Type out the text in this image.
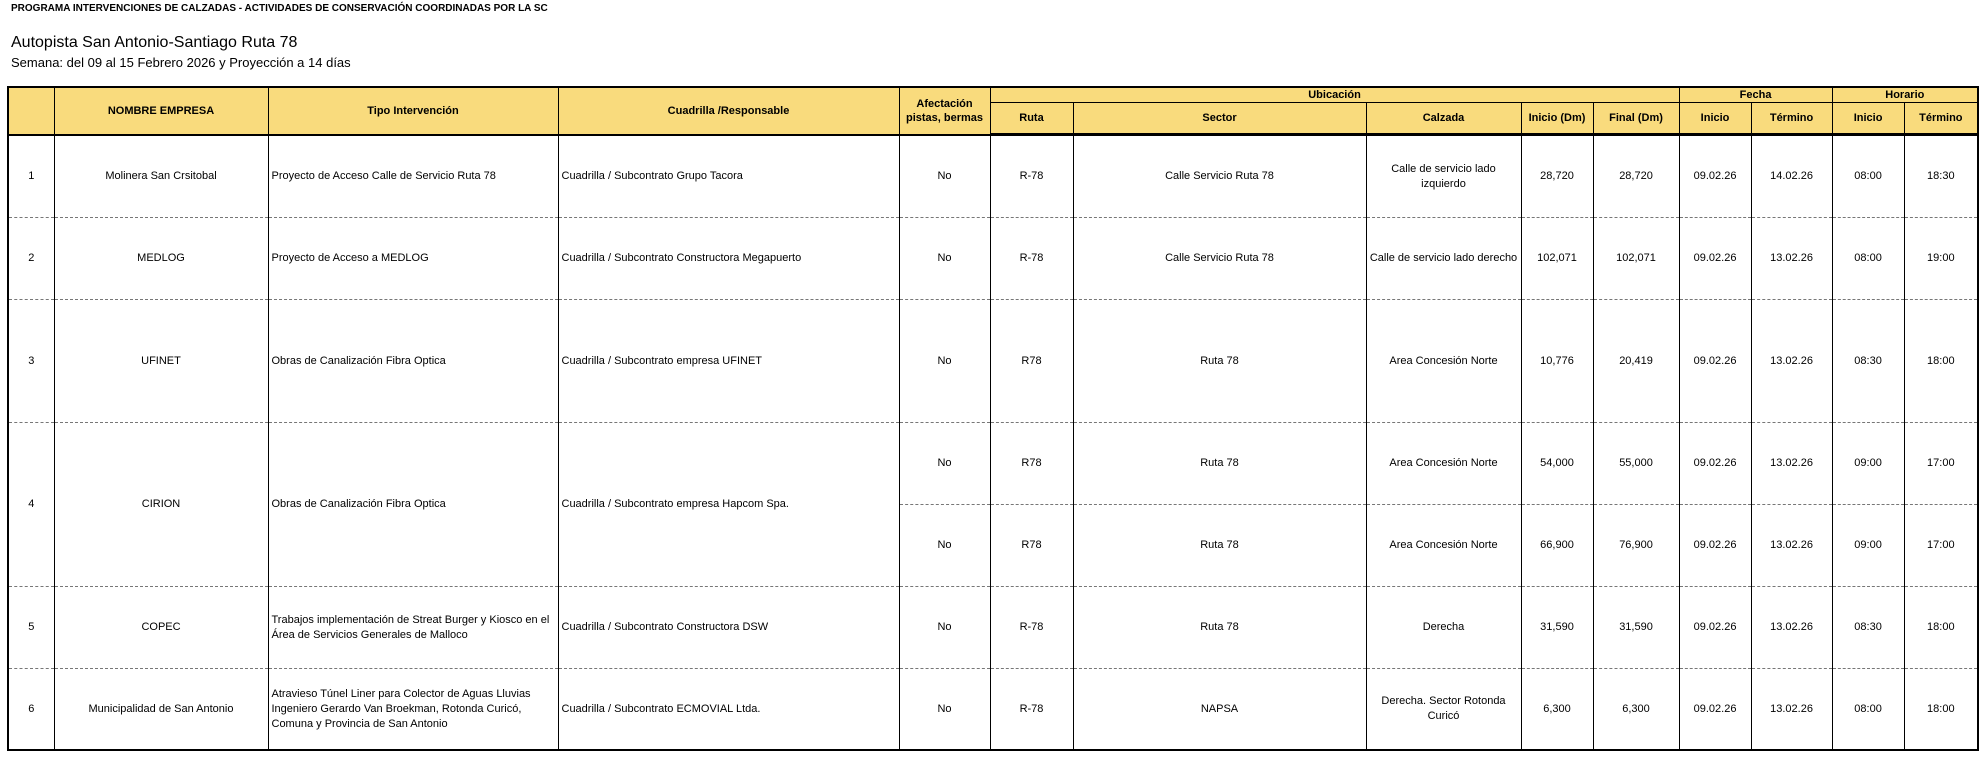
PROGRAMA INTERVENCIONES DE CALZADAS - ACTIVIDADES DE CONSERVACIÓN COORDINADAS POR LA SC
Autopista San Antonio-Santiago Ruta 78
Semana: del 09 al 15 Febrero 2026 y Proyección a 14 días
	NOMBRE EMPRESA	Tipo Intervención	Cuadrilla /Responsable	Afectación
pistas, bermas	Ubicación					Fecha		Horario	
					Ruta	Sector	Calzada	Inicio (Dm)	Final (Dm)	Inicio	Término	Inicio	Término
1	Molinera San Crsitobal	Proyecto de Acceso Calle de Servicio Ruta 78	Cuadrilla / Subcontrato Grupo Tacora	No	R-78	Calle Servicio Ruta 78	Calle de servicio lado izquierdo	28,720	28,720	09.02.26	14.02.26	08:00	18:30
2	MEDLOG	Proyecto de Acceso a MEDLOG	Cuadrilla / Subcontrato Constructora Megapuerto	No	R-78	Calle Servicio Ruta 78	Calle de servicio lado derecho	102,071	102,071	09.02.26	13.02.26	08:00	19:00
3	UFINET	Obras de Canalización Fibra Optica	Cuadrilla / Subcontrato empresa UFINET	No	R78	Ruta 78	Area Concesión Norte	10,776	20,419	09.02.26	13.02.26	08:30	18:00
4	CIRION	Obras de Canalización Fibra Optica	Cuadrilla / Subcontrato empresa Hapcom Spa.	No	R78	Ruta 78	Area Concesión Norte	54,000	55,000	09.02.26	13.02.26	09:00	17:00
				No	R78	Ruta 78	Area Concesión Norte	66,900	76,900	09.02.26	13.02.26	09:00	17:00
5	COPEC	Trabajos implementación de Streat Burger y Kiosco en el Área de Servicios Generales de Malloco	Cuadrilla / Subcontrato Constructora DSW	No	R-78	Ruta 78	Derecha	31,590	31,590	09.02.26	13.02.26	08:30	18:00
6	Municipalidad de San Antonio	Atravieso Túnel Liner para Colector de Aguas Lluvias Ingeniero Gerardo Van Broekman, Rotonda Curicó, Comuna y Provincia de San Antonio	Cuadrilla / Subcontrato ECMOVIAL Ltda.	No	R-78	NAPSA	Derecha. Sector Rotonda Curicó	6,300	6,300	09.02.26	13.02.26	08:00	18:00
